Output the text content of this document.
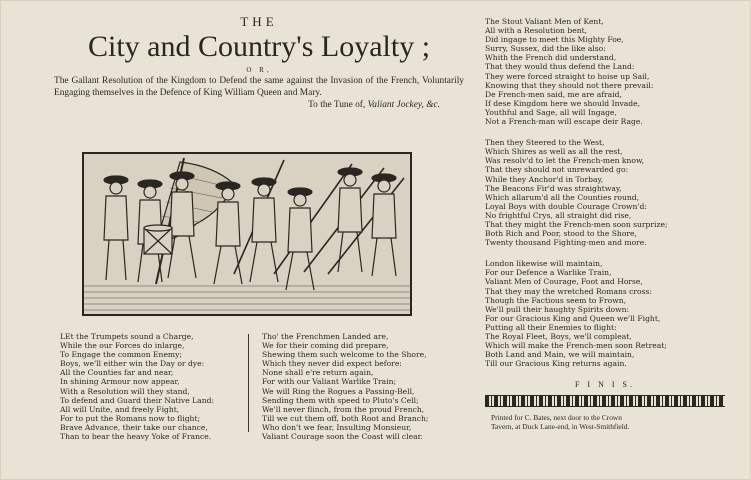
THE
City and Country's Loyalty ;
O R,

The Gallant Resolution of the Kingdom to Defend the same against the Invasion of the French, Voluntarily Engaging themselves in the Defence of King William Queen and Mary.
To the Tune of, Valiant Jockey, &c.

LEt the Trumpets sound a Charge,
While the our Forces do inlarge,
To Engage the common Enemy;
Boys, we'll either win the Day or dye:
All the Counties far and near,
In shining Armour now appear,
With a Resolution will they stand,
To defend and Guard their Native Land:
All will Unite, and freely Fight,
For to put the Romans now to flight;
Brave Advance, their take our chance,
Than to bear the heavy Yoke of France.
Tho' the Frenchmen Landed are,
We for their coming did prepare,
Shewing them such welcome to the Shore,
Which they never did expect before:
None shall e're return again,
For with our Valiant Warlike Train;
We will Ring the Rogues a Passing-Bell,
Sending them with speed to Pluto's Cell;
We'll never flinch, from the proud French,
Till we cut them off, both Root and Branch;
Who don't we fear, Insulting Monsieur,
Valiant Courage soon the Coast will clear.
The Stout Valiant Men of Kent,
All with a Resolution bent,
Did ingage to meet this Mighty Foe,
Surry, Sussex, did the like also:
Whith the French did understand,
That they would thus defend the Land:
They were forced straight to hoise up Sail,
Knowing that they should not there prevail:
De French-men said, me are afraid,
If dese Kingdom here we should Invade,
Youthful and Sage, all will Ingage,
Not a French-man will escape deir Rage.
Then they Steered to the West,
Which Shires as well as all the rest,
Was resolv'd to let the French-men know,
That they should not unrewarded go:
While they Anchor'd in Torbay,
The Beacons Fir'd was straightway,
Which allarum'd all the Counties round,
Loyal Boys with double Courage Crown'd:
No frightful Crys, all straight did rise,
That they might the French-men soon surprize;
Both Rich and Poor, stood to the Shore,
Twenty thousand Fighting-men and more.
London likewise will maintain,
For our Defence a Warlike Train,
Valiant Men of Courage, Foot and Horse,
That they may the wretched Romans cross:
Though the Factious seem to Frown,
We'll pull their haughty Spirits down:
For our Gracious King and Queen we'll Fight,
Putting all their Enemies to flight:
The Royal Fleet, Boys, we'll compleat,
Which will make the French-men soon Retreat;
Both Land and Main, we will maintain,
Till our Gracious King returns again.
F I N I S.
Printed for C. Bates, next door to the Crown
Tavern, at Duck Lane-end, in West-Smithfield.
